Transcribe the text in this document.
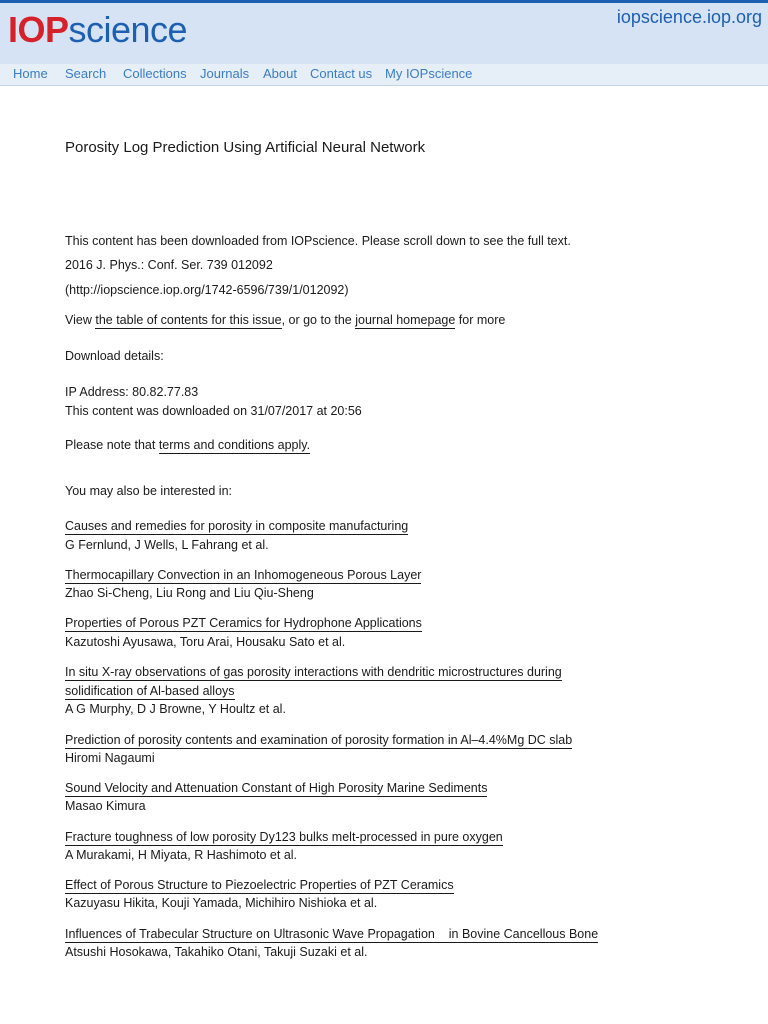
IOPscience	iopscience.iop.org
Home Search Collections Journals About Contact us My IOPscience
Porosity Log Prediction Using Artificial Neural Network
This content has been downloaded from IOPscience. Please scroll down to see the full text.
2016 J. Phys.: Conf. Ser. 739 012092
(http://iopscience.iop.org/1742-6596/739/1/012092)
View the table of contents for this issue, or go to the journal homepage for more
Download details:
IP Address: 80.82.77.83
This content was downloaded on 31/07/2017 at 20:56
Please note that terms and conditions apply.
You may also be interested in:
Causes and remedies for porosity in composite manufacturing
G Fernlund, J Wells, L Fahrang et al.
Thermocapillary Convection in an Inhomogeneous Porous Layer
Zhao Si-Cheng, Liu Rong and Liu Qiu-Sheng
Properties of Porous PZT Ceramics for Hydrophone Applications
Kazutoshi Ayusawa, Toru Arai, Housaku Sato et al.
In situ X-ray observations of gas porosity interactions with dendritic microstructures during
solidification of Al-based alloys
A G Murphy, D J Browne, Y Houltz et al.
Prediction of porosity contents and examination of porosity formation in Al–4.4%Mg DC slab
Hiromi Nagaumi
Sound Velocity and Attenuation Constant of High Porosity Marine Sediments
Masao Kimura
Fracture toughness of low porosity Dy123 bulks melt-processed in pure oxygen
A Murakami, H Miyata, R Hashimoto et al.
Effect of Porous Structure to Piezoelectric Properties of PZT Ceramics
Kazuyasu Hikita, Kouji Yamada, Michihiro Nishioka et al.
Influences of Trabecular Structure on Ultrasonic Wave Propagation    in Bovine Cancellous Bone
Atsushi Hosokawa, Takahiko Otani, Takuji Suzaki et al.
